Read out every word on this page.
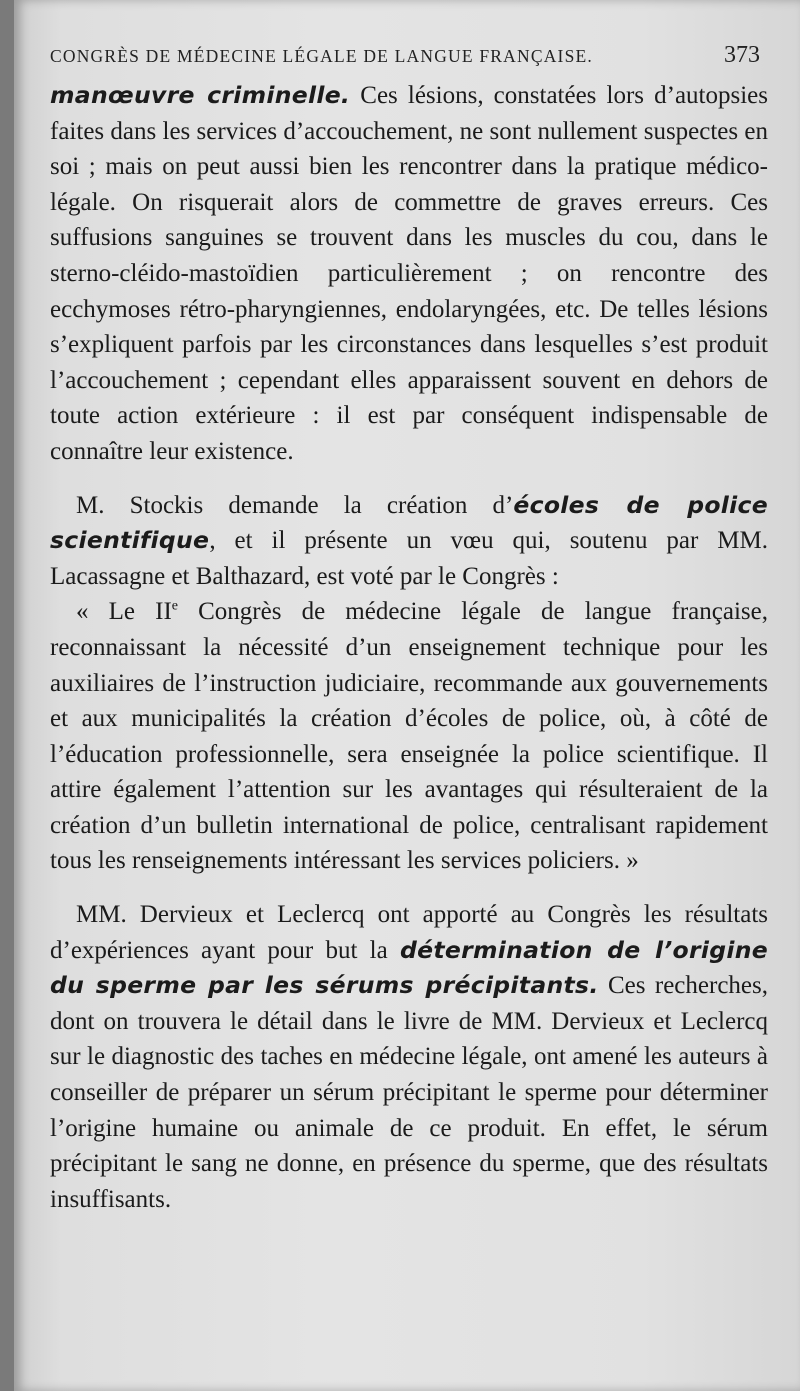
CONGRÈS DE MÉDECINE LÉGALE DE LANGUE FRANÇAISE.	373

manœuvre criminelle. Ces lésions, constatées lors d’autopsies faites dans les services d’accouchement, ne sont nullement suspectes en soi ; mais on peut aussi bien les rencontrer dans la pratique médico-légale. On risquerait alors de commettre de graves erreurs. Ces suffusions sanguines se trouvent dans les muscles du cou, dans le sterno-cléido-mastoïdien particulièrement ; on rencontre des ecchymoses rétro-pharyngiennes, endolaryngées, etc. De telles lésions s’expliquent parfois par les circonstances dans lesquelles s’est produit l’accouchement ; cependant elles apparaissent souvent en dehors de toute action extérieure : il est par conséquent indispensable de connaître leur existence.

M. Stockis demande la création d’écoles de police scientifique, et il présente un vœu qui, soutenu par MM. Lacassagne et Balthazard, est voté par le Congrès :

« Le IIe Congrès de médecine légale de langue française, reconnaissant la nécessité d’un enseignement technique pour les auxiliaires de l’instruction judiciaire, recommande aux gouvernements et aux municipalités la création d’écoles de police, où, à côté de l’éducation professionnelle, sera enseignée la police scientifique. Il attire également l’attention sur les avantages qui résulteraient de la création d’un bulletin international de police, centralisant rapidement tous les renseignements intéressant les services policiers. »

MM. Dervieux et Leclercq ont apporté au Congrès les résultats d’expériences ayant pour but la détermination de l’origine du sperme par les sérums précipitants. Ces recherches, dont on trouvera le détail dans le livre de MM. Dervieux et Leclercq sur le diagnostic des taches en médecine légale, ont amené les auteurs à conseiller de préparer un sérum précipitant le sperme pour déterminer l’origine humaine ou animale de ce produit. En effet, le sérum précipitant le sang ne donne, en présence du sperme, que des résultats insuffisants.
